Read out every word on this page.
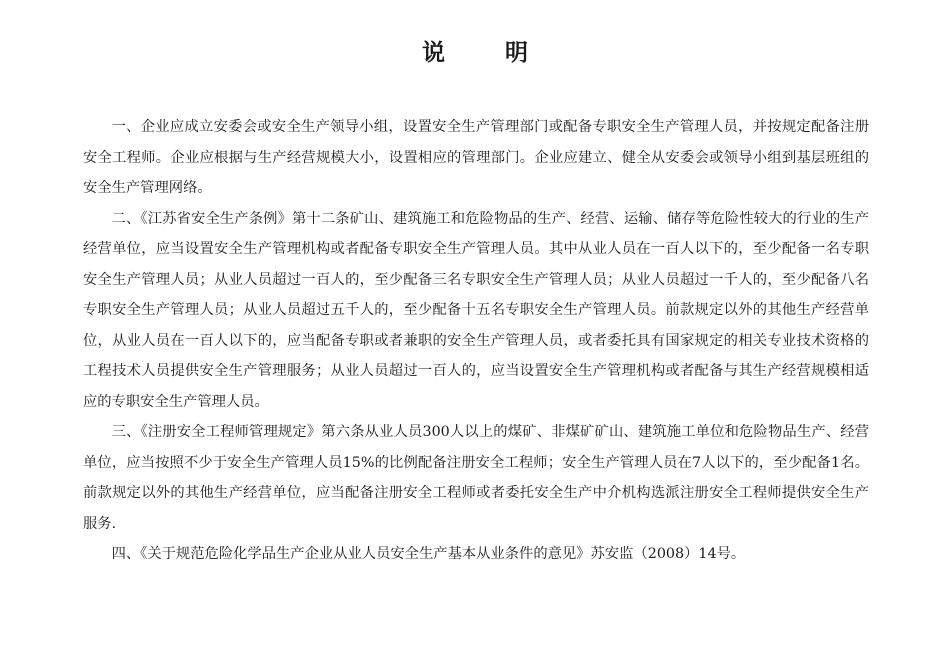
说 明

一、企业应成立安委会或安全生产领导小组，设置安全生产管理部门或配备专职安全生产管理人员，并按规定配备注册安全工程师。企业应根据与生产经营规模大小，设置相应的管理部门。企业应建立、健全从安委会或领导小组到基层班组的安全生产管理网络。

二、《江苏省安全生产条例》第十二条矿山、建筑施工和危险物品的生产、经营、运输、储存等危险性较大的行业的生产经营单位，应当设置安全生产管理机构或者配备专职安全生产管理人员。其中从业人员在一百人以下的，至少配备一名专职安全生产管理人员；从业人员超过一百人的，至少配备三名专职安全生产管理人员；从业人员超过一千人的，至少配备八名专职安全生产管理人员；从业人员超过五千人的，至少配备十五名专职安全生产管理人员。前款规定以外的其他生产经营单位，从业人员在一百人以下的，应当配备专职或者兼职的安全生产管理人员，或者委托具有国家规定的相关专业技术资格的工程技术人员提供安全生产管理服务；从业人员超过一百人的，应当设置安全生产管理机构或者配备与其生产经营规模相适应的专职安全生产管理人员。

三、《注册安全工程师管理规定》第六条从业人员300人以上的煤矿、非煤矿矿山、建筑施工单位和危险物品生产、经营单位，应当按照不少于安全生产管理人员15%的比例配备注册安全工程师；安全生产管理人员在7人以下的，至少配备1名。前款规定以外的其他生产经营单位，应当配备注册安全工程师或者委托安全生产中介机构选派注册安全工程师提供安全生产服务.

四、《关于规范危险化学品生产企业从业人员安全生产基本从业条件的意见》苏安监（2008）14号。
